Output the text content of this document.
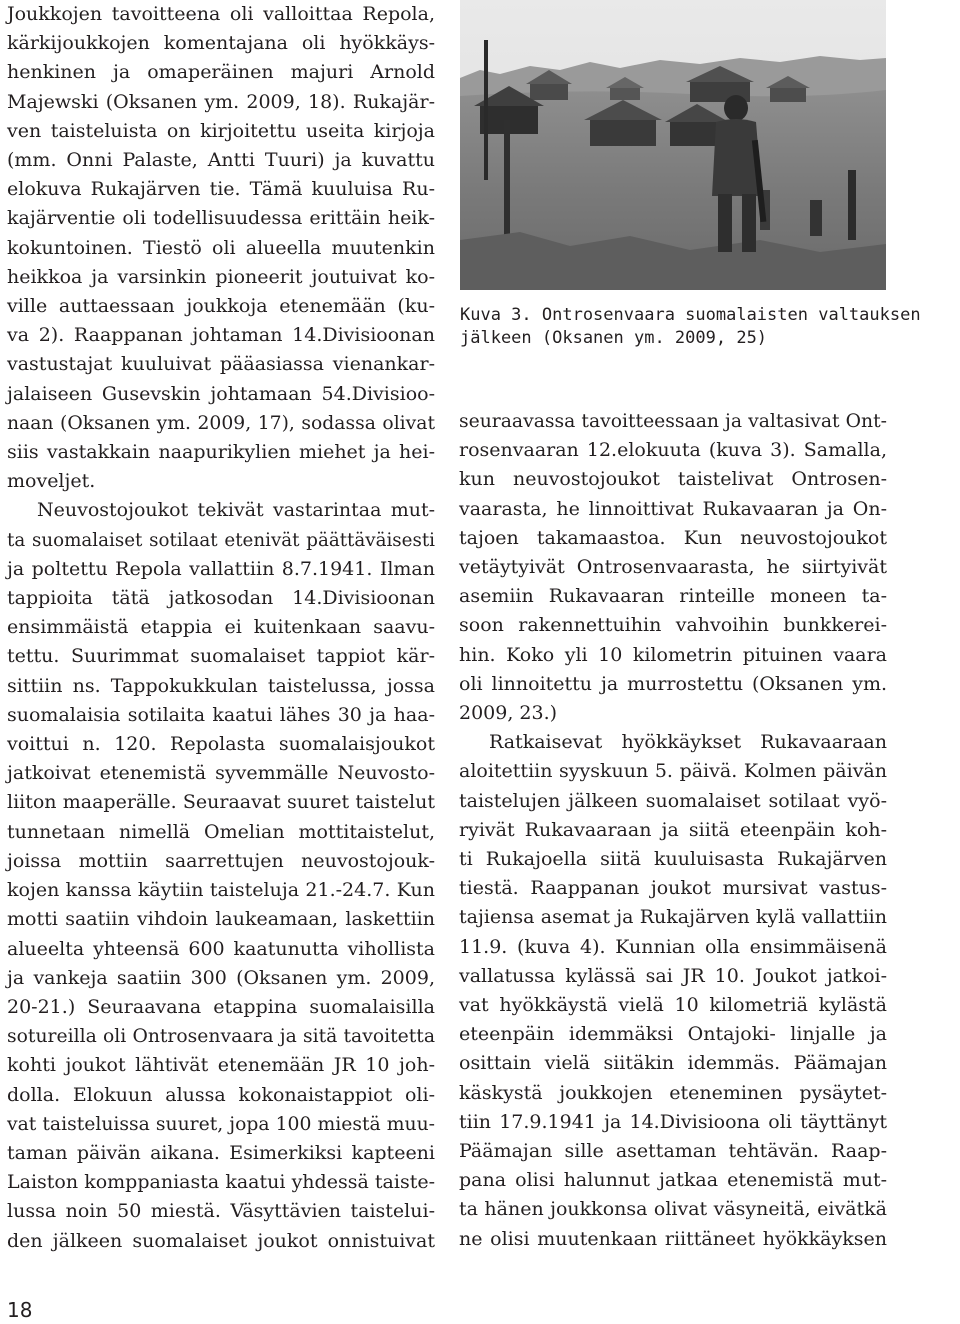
Joukkojen tavoitteena oli valloittaa Repola,
kärkijoukkojen komentajana oli hyökkäys-
henkinen ja omaperäinen majuri Arnold
Majewski (Oksanen ym. 2009, 18). Rukajär-
ven taisteluista on kirjoitettu useita kirjoja
(mm. Onni Palaste, Antti Tuuri) ja kuvattu
elokuva Rukajärven tie. Tämä kuuluisa Ru-
kajärventie oli todellisuudessa erittäin heik-
kokuntoinen. Tiestö oli alueella muutenkin
heikkoa ja varsinkin pioneerit joutuivat ko-
ville auttaessaan joukkoja etenemään (ku-
va 2). Raappanan johtaman 14.Divisioonan
vastustajat kuuluivat pääasiassa vienankar-
jalaiseen Gusevskin johtamaan 54.Divisioo-
naan (Oksanen ym. 2009, 17), sodassa olivat
siis vastakkain naapurikylien miehet ja hei-
moveljet.
Neuvostojoukot tekivät vastarintaa mut-
ta suomalaiset sotilaat etenivät päättäväisesti
ja poltettu Repola vallattiin 8.7.1941. Ilman
tappioita tätä jatkosodan 14.Divisioonan
ensimmäistä etappia ei kuitenkaan saavu-
tettu. Suurimmat suomalaiset tappiot kär-
sittiin ns. Tappokukkulan taistelussa, jossa
suomalaisia sotilaita kaatui lähes 30 ja haa-
voittui n. 120. Repolasta suomalaisjoukot
jatkoivat etenemistä syvemmälle Neuvosto-
liiton maaperälle. Seuraavat suuret taistelut
tunnetaan nimellä Omelian mottitaistelut,
joissa mottiin saarrettujen neuvostojouk-
kojen kanssa käytiin taisteluja 21.-24.7. Kun
motti saatiin vihdoin laukeamaan, laskettiin
alueelta yhteensä 600 kaatunutta vihollista
ja vankeja saatiin 300 (Oksanen ym. 2009,
20-21.) Seuraavana etappina suomalaisilla
sotureilla oli Ontrosenvaara ja sitä tavoitetta
kohti joukot lähtivät etenemään JR 10 joh-
dolla. Elokuun alussa kokonaistappiot oli-
vat taisteluissa suuret, jopa 100 miestä muu-
taman päivän aikana. Esimerkiksi kapteeni
Laiston komppaniasta kaatui yhdessä taiste-
lussa noin 50 miestä. Väsyttävien taistelui-
den jälkeen suomalaiset joukot onnistuivat
Kuva 3. Ontrosenvaara suomalaisten valtauksen
jälkeen (Oksanen ym. 2009, 25)
seuraavassa tavoitteessaan ja valtasivat Ont-
rosenvaaran 12.elokuuta (kuva 3). Samalla,
kun neuvostojoukot taistelivat Ontrosen-
vaarasta, he linnoittivat Rukavaaran ja On-
tajoen takamaastoa. Kun neuvostojoukot
vetäytyivät Ontrosenvaarasta, he siirtyivät
asemiin Rukavaaran rinteille moneen ta-
soon rakennettuihin vahvoihin bunkkerei-
hin. Koko yli 10 kilometrin pituinen vaara
oli linnoitettu ja murrostettu (Oksanen ym.
2009, 23.)
Ratkaisevat hyökkäykset Rukavaaraan
aloitettiin syyskuun 5. päivä. Kolmen päivän
taistelujen jälkeen suomalaiset sotilaat vyö-
ryivät Rukavaaraan ja siitä eteenpäin koh-
ti Rukajoella siitä kuuluisasta Rukajärven
tiestä. Raappanan joukot mursivat vastus-
tajiensa asemat ja Rukajärven kylä vallattiin
11.9. (kuva 4). Kunnian olla ensimmäisenä
vallatussa kylässä sai JR 10. Joukot jatkoi-
vat hyökkäystä vielä 10 kilometriä kylästä
eteenpäin idemmäksi Ontajoki- linjalle ja
osittain vielä siitäkin idemmäs. Päämajan
käskystä joukkojen eteneminen pysäytet-
tiin 17.9.1941 ja 14.Divisioona oli täyttänyt
Päämajan sille asettaman tehtävän. Raap-
pana olisi halunnut jatkaa etenemistä mut-
ta hänen joukkonsa olivat väsyneitä, eivätkä
ne olisi muutenkaan riittäneet hyökkäyksen
18
